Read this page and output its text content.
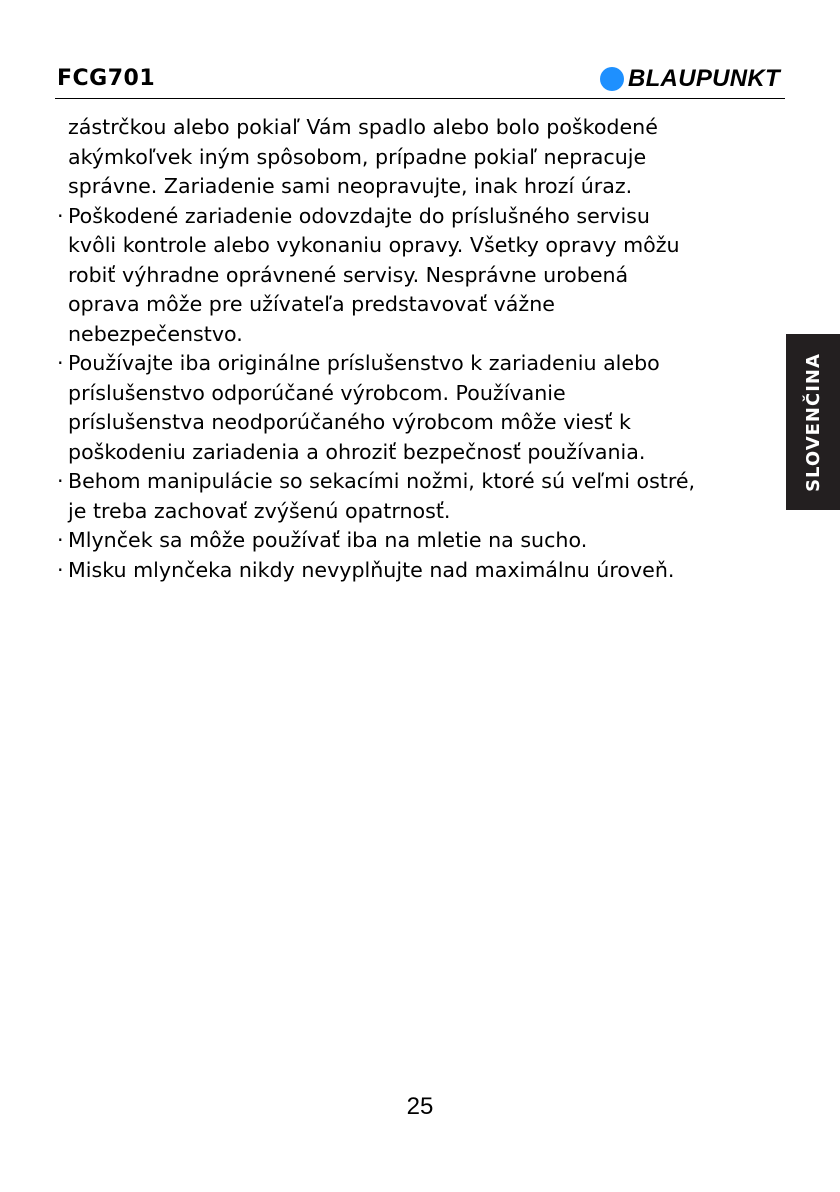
FCG701	BLAUPUNKT
SLOVENČINA
zástrčkou alebo pokiaľ Vám spadlo alebo bolo poškodené
akýmkoľvek iným spôsobom, prípadne pokiaľ nepracuje
správne. Zariadenie sami neopravujte, inak hrozí úraz.
· Poškodené zariadenie odovzdajte do príslušného servisu
kvôli kontrole alebo vykonaniu opravy. Všetky opravy môžu
robiť výhradne oprávnené servisy. Nesprávne urobená
oprava môže pre užívateľa predstavovať vážne
nebezpečenstvo.
· Používajte iba originálne príslušenstvo k zariadeniu alebo
príslušenstvo odporúčané výrobcom. Používanie
príslušenstva neodporúčaného výrobcom môže viesť k
poškodeniu zariadenia a ohroziť bezpečnosť používania.
· Behom manipulácie so sekacími nožmi, ktoré sú veľmi ostré,
je treba zachovať zvýšenú opatrnosť.
· Mlynček sa môže používať iba na mletie na sucho.
· Misku mlynčeka nikdy nevyplňujte nad maximálnu úroveň.
25
